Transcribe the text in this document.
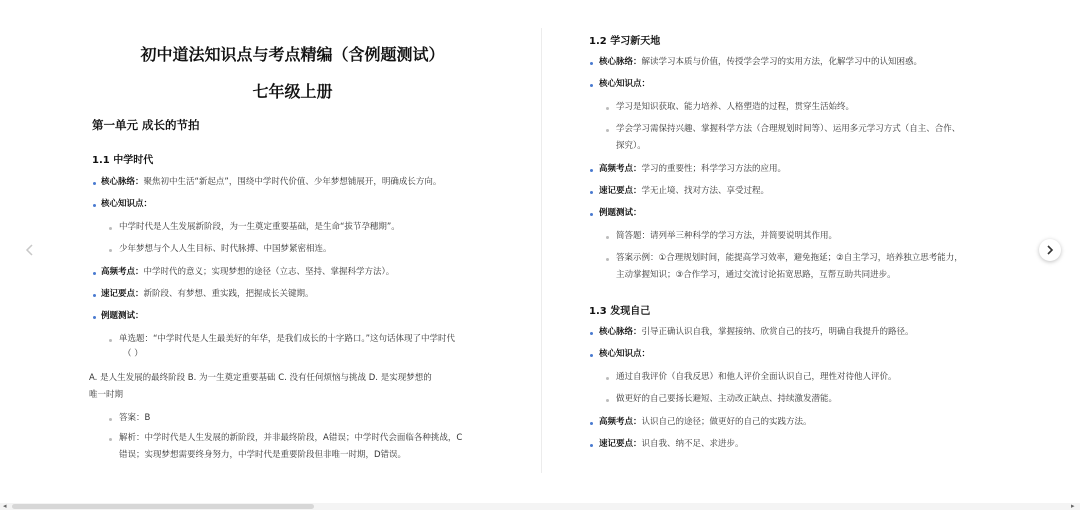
初中道法知识点与考点精编（含例题测试）
七年级上册
第一单元 成长的节拍
1.1 中学时代
核心脉络：聚焦初中生活“新起点”，围绕中学时代价值、少年梦想铺展开，明确成长方向。
核心知识点：
中学时代是人生发展新阶段，为一生奠定重要基础，是生命“拔节孕穗期”。
少年梦想与个人人生目标、时代脉搏、中国梦紧密相连。
高频考点：中学时代的意义；实现梦想的途径（立志、坚持、掌握科学方法）。
速记要点：新阶段、有梦想、重实践，把握成长关键期。
例题测试：
单选题：“中学时代是人生最美好的年华，是我们成长的十字路口。”这句话体现了中学时代
（ ）
A. 是人生发展的最终阶段 B. 为一生奠定重要基础 C. 没有任何烦恼与挑战 D. 是实现梦想的
唯一时期
答案：B
解析：中学时代是人生发展的新阶段，并非最终阶段，A错误；中学时代会面临各种挑战，C
错误；实现梦想需要终身努力，中学时代是重要阶段但非唯一时期，D错误。
1.2 学习新天地
核心脉络：解读学习本质与价值，传授学会学习的实用方法，化解学习中的认知困惑。
核心知识点：
学习是知识获取、能力培养、人格塑造的过程，贯穿生活始终。
学会学习需保持兴趣、掌握科学方法（合理规划时间等）、运用多元学习方式（自主、合作、
探究）。
高频考点：学习的重要性；科学学习方法的应用。
速记要点：学无止境、找对方法、享受过程。
例题测试：
简答题：请列举三种科学的学习方法，并简要说明其作用。
答案示例：①合理规划时间，能提高学习效率，避免拖延；②自主学习，培养独立思考能力，
主动掌握知识；③合作学习，通过交流讨论拓宽思路，互帮互助共同进步。
1.3 发现自己
核心脉络：引导正确认识自我，掌握接纳、欣赏自己的技巧，明确自我提升的路径。
核心知识点：
通过自我评价（自我反思）和他人评价全面认识自己，理性对待他人评价。
做更好的自己要扬长避短、主动改正缺点、持续激发潜能。
高频考点：认识自己的途径；做更好的自己的实践方法。
速记要点：识自我、纳不足、求进步。
◂	▸
